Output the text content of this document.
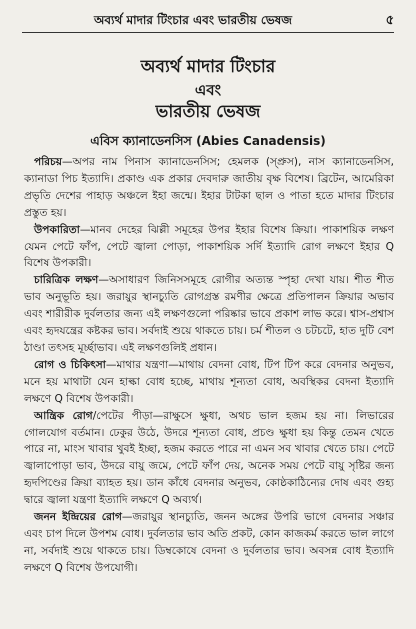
অব্যর্থ মাদার টিংচার এবং ভারতীয় ভেষজ	৫
অব্যর্থ মাদার টিংচার
এবং
ভারতীয় ভেষজ
এবিস ক্যানাডেনসিস (Abies Canadensis)

পরিচয়—অপর নাম পিনাস ক্যানাডেনসিস; হেমলক (স্প্রুস), নাস ক্যানাডেনসিস, ক্যানাডা পিচ ইত্যাদি। প্রকাণ্ড এক প্রকার দেবদারু জাতীয় বৃক্ষ বিশেষ। ব্রিটেন, আমেরিকা প্রভৃতি দেশের পাহাড় অঞ্চলে ইহা জন্মে। ইহার টাটকা ছাল ও পাতা হতে মাদার টিংচার প্রস্তুত হয়।

উপকারিতা—মানব দেহের ঝিল্লী সমূহের উপর ইহার বিশেষ ক্রিয়া। পাকাশয়িক লক্ষণ যেমন পেটে ফাঁপ, পেটে জ্বালা পোড়া, পাকাশয়িক সর্দি ইত্যাদি রোগ লক্ষণে ইহার Q বিশেষ উপকারী।

চারিত্রিক লক্ষণ—অসাধারণ জিনিসসমূহে রোগীর অত্যন্ত স্পৃহা দেখা যায়। শীত শীত ভাব অনুভূতি হয়। জরায়ুর স্থানচ্যুতি রোগগ্রস্ত রমণীর ক্ষেত্রে প্রতিপালন ক্রিয়ার অভাব এবং শারীরীক দুর্বলতার জন্য এই লক্ষণগুলো পরিষ্কার ভাবে প্রকাশ লাভ করে। শ্বাস-প্রশ্বাস এবং হৃদযন্ত্রের কষ্টকর ভাব। সর্বদাই শুয়ে থাকতে চায়। চর্ম শীতল ও চটচটে, হাত দুটি বেশ ঠাণ্ডা তৎসহ মূর্চ্ছাভাব। এই লক্ষণগুলিই প্রধান।

রোগ ও চিকিৎসা—মাথার যন্ত্রণা—মাথায় বেদনা বোধ, টিপ টিপ করে বেদনার অনুভব, মনে হয় মাথাটা যেন হাল্কা বোধ হচ্ছে, মাথায় শূন্যতা বোধ, অবস্থিকর বেদনা ইত্যাদি লক্ষণে Q বিশেষ উপকারী।

আন্ত্রিক রোগ/পেটের পীড়া—রাক্ষুসে ক্ষুধা, অথচ ভাল হজম হয় না। লিভারের গোলযোগ বর্তমান। ঢেকুর উঠে, উদরে শূন্যতা বোধ, প্রচণ্ড ক্ষুধা হয় কিন্তু তেমন খেতে পারে না, মাংস খাবার খুবই ইচ্ছা, হজম করতে পারে না এমন সব খাবার খেতে চায়। পেটে জ্বালাপোড়া ভাব, উদরে বায়ু জমে, পেটে ফাঁপ দেয়, অনেক সময় পেটে বায়ু সৃষ্টির জন্য হৃদপিণ্ডের ক্রিয়া ব্যাহত হয়। ডান কাঁধে বেদনার অনুভব, কোষ্ঠকাঠিন্যের দোষ এবং গুহ্য দ্বারে জ্বালা যন্ত্রণা ইত্যাদি লক্ষণে Q অব্যর্থ।

জনন ইন্দ্রিয়ের রোগ—জরায়ুর স্থানচ্যুতি, জনন অঙ্গের উপরি ভাগে বেদনার সঞ্চার এবং চাপ দিলে উপশম বোধ। দুর্বলতার ভাব অতি প্রকট, কোন কাজকর্ম করতে ভাল লাগে না, সর্বদাই শুয়ে থাকতে চায়। ডিম্বকোষে বেদনা ও দুর্বলতার ভাব। অবসন্ন বোধ ইত্যাদি লক্ষণে Q বিশেষ উপযোগী।
